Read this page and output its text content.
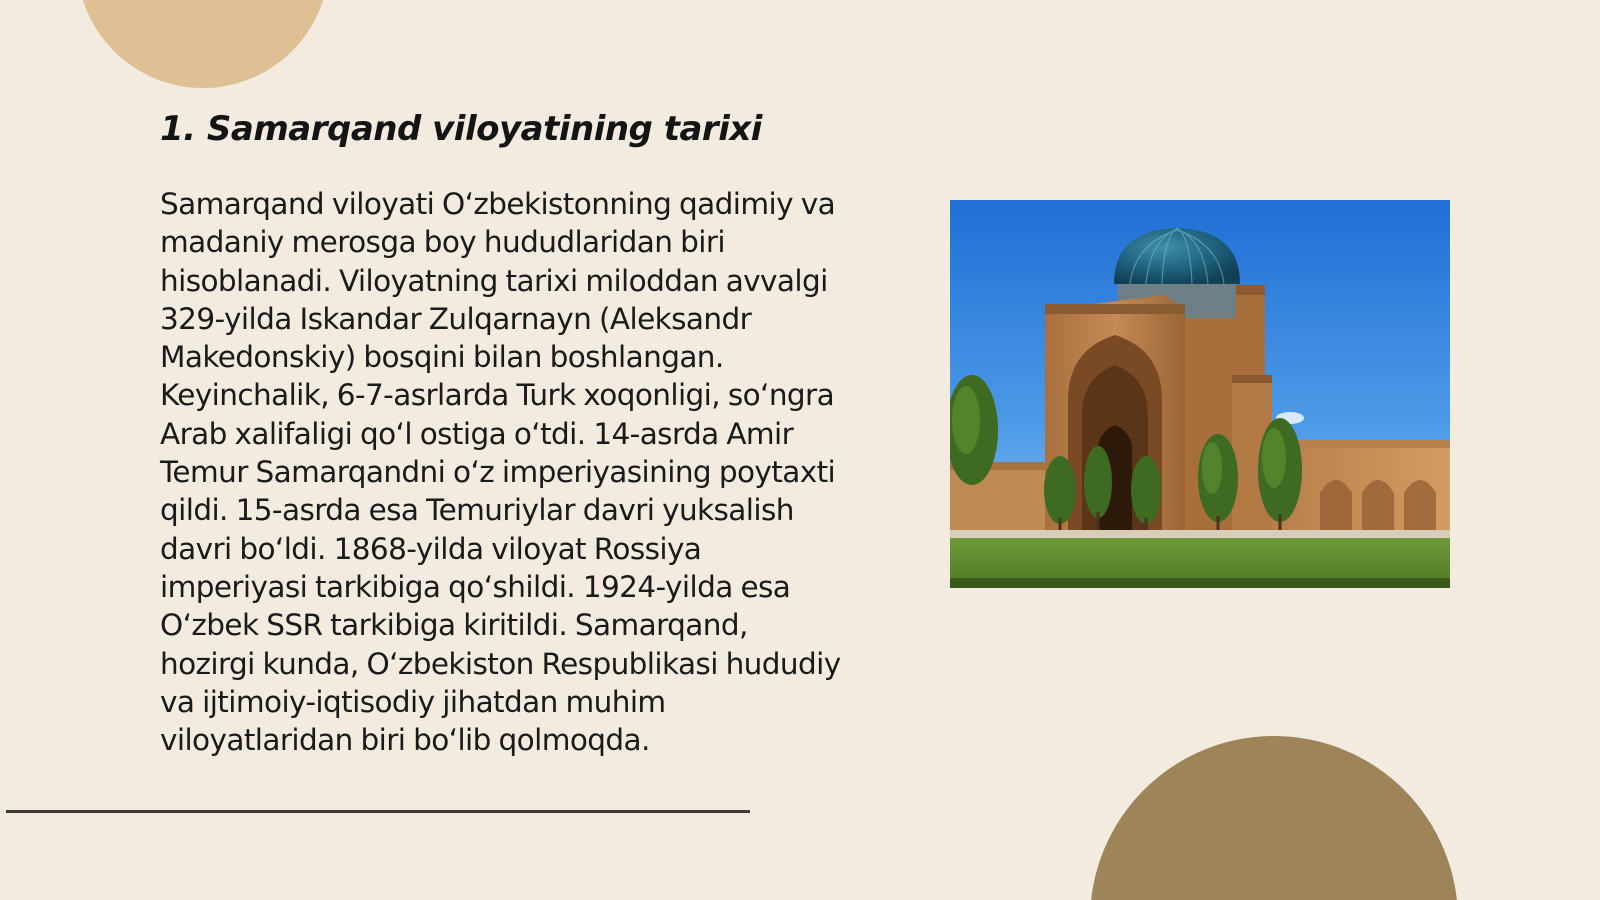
1. Samarqand viloyatining tarixi

Samarqand viloyati O‘zbekistonning qadimiy va madaniy merosga boy hududlaridan biri hisoblanadi. Viloyatning tarixi miloddan avvalgi 329-yilda Iskandar Zulqarnayn (Aleksandr Makedonskiy) bosqini bilan boshlangan. Keyinchalik, 6-7-asrlarda Turk xoqonligi, so‘ngra Arab xalifaligi qo‘l ostiga o‘tdi. 14-asrda Amir Temur Samarqandni o‘z imperiyasining poytaxti qildi. 15-asrda esa Temuriylar davri yuksalish davri bo‘ldi. 1868-yilda viloyat Rossiya imperiyasi tarkibiga qo‘shildi. 1924-yilda esa O‘zbek SSR tarkibiga kiritildi. Samarqand, hozirgi kunda, O‘zbekiston Respublikasi hududiy va ijtimoiy-iqtisodiy jihatdan muhim viloyatlaridan biri bo‘lib qolmoqda.
